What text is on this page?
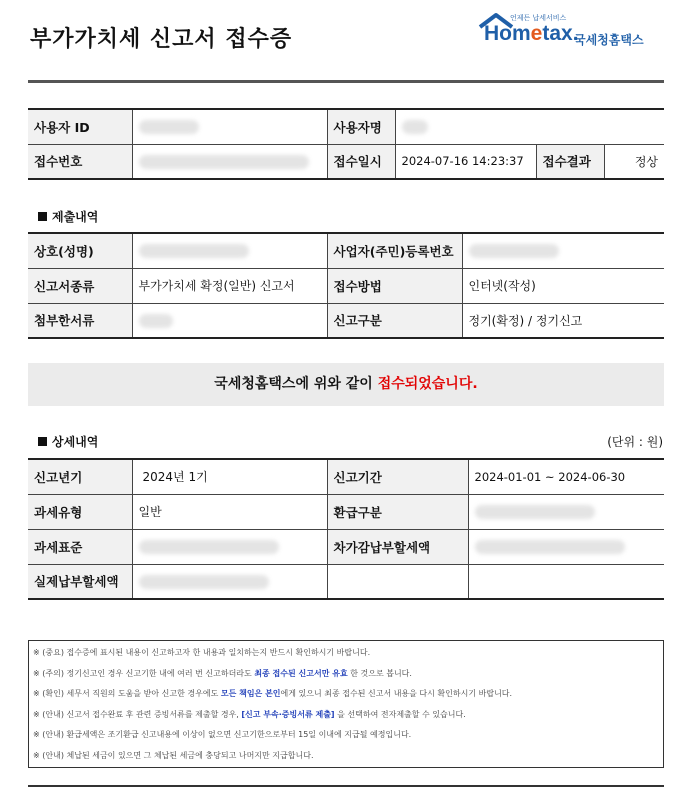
부가가치세 신고서 접수증
언제든 납세서비스
Hometax.
국세청홈택스
사용자 ID		사용자명			
접수번호		접수일시	2024-07-16 14:23:37	접수결과	정상
제출내역
상호(성명)		사업자(주민)등록번호	
신고서종류	부가가치세 확정(일반) 신고서	접수방법	인터넷(작성)
첨부한서류		신고구분	정기(확정) / 정기신고
국세청홈택스에 위와 같이 접수되었습니다.
상세내역	(단위 : 원)
신고년기	2024년 1기	신고기간	2024-01-01 ~ 2024-06-30
과세유형	일반	환급구분	
과세표준		차가감납부할세액	
실제납부할세액			
※ (중요) 접수증에 표시된 내용이 신고하고자 한 내용과 일치하는지 반드시 확인하시기 바랍니다.
※ (주의) 정기신고인 경우 신고기한 내에 여러 번 신고하더라도 최종 접수된 신고서만 유효 한 것으로 봅니다.
※ (확인) 세무서 직원의 도움을 받아 신고한 경우에도 모든 책임은 본인에게 있으니 최종 접수된 신고서 내용을 다시 확인하시기 바랍니다.
※ (안내) 신고서 접수완료 후 관련 증빙서류를 제출할 경우, [신고 부속·증빙서류 제출] 을 선택하여 전자제출할 수 있습니다.
※ (안내) 환급세액은 조기환급 신고내용에 이상이 없으면 신고기한으로부터 15일 이내에 지급될 예정입니다.
※ (안내) 체납된 세금이 있으면 그 체납된 세금에 충당되고 나머지만 지급합니다.
